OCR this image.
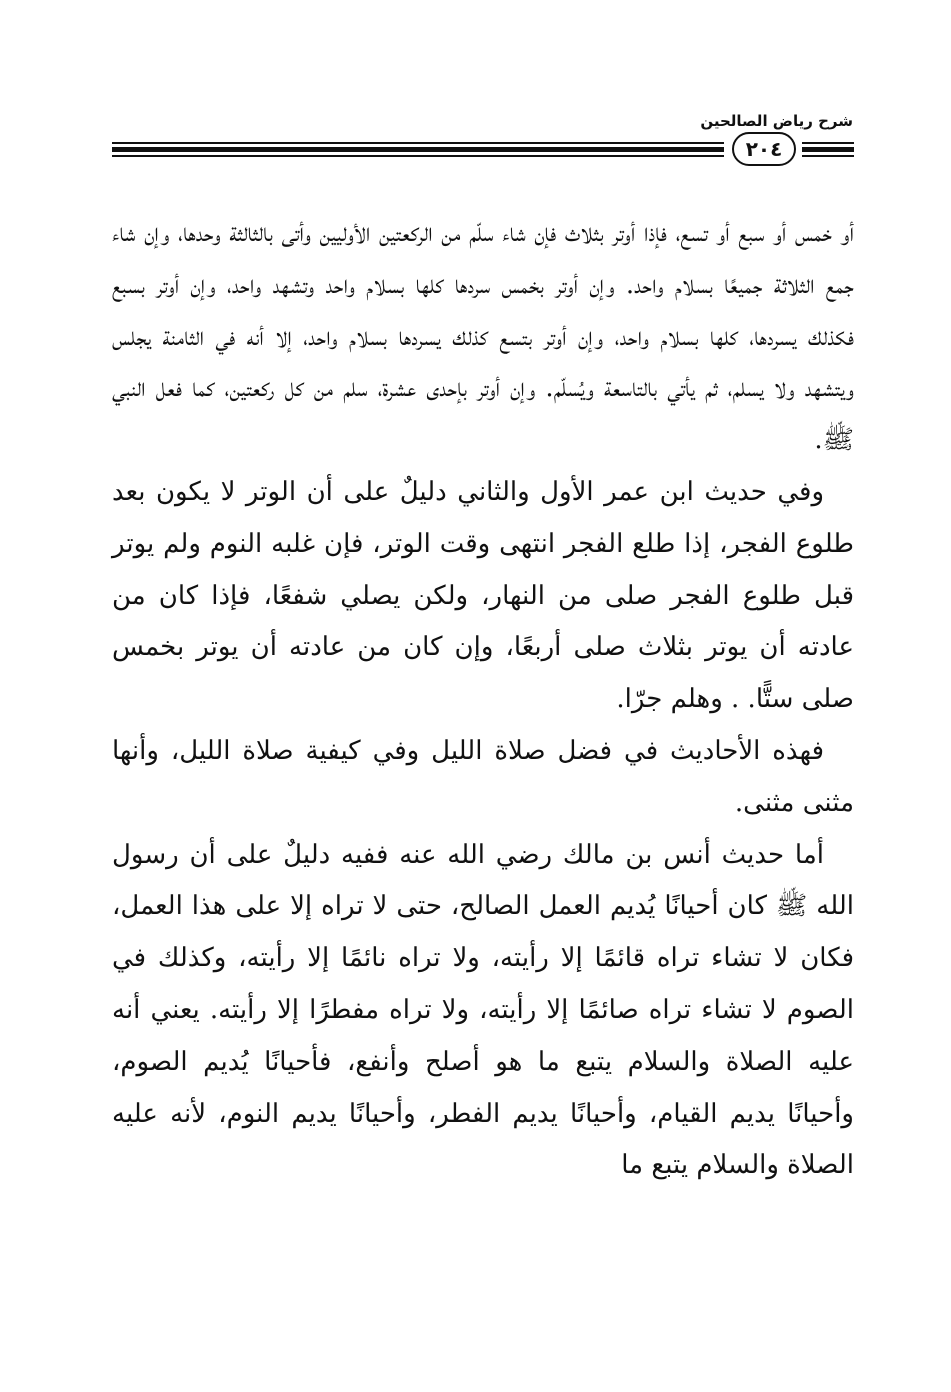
شرح رياض الصالحين
٢٠٤

أو خمس أو سبع أو تسع، فإذا أوتر بثلاث فإن شاء سلّم من الركعتين الأوليين وأتى بالثالثة وحدها، وإن شاء جمع الثلاثة جميعًا بسلام واحد. وإن أوتر بخمس سردها كلها بسلام واحد وتشهد واحد، وإن أوتر بسبع فكذلك يسردها، كلها بسلام واحد، وإن أوتر بتسع كذلك يسردها بسلام واحد، إلا أنه في الثامنة يجلس ويتشهد ولا يسلم، ثم يأتي بالتاسعة ويُسلّم. وإن أوتر بإحدى عشرة، سلم من كل ركعتين، كما فعل النبي ﷺ.

وفي حديث ابن عمر الأول والثاني دليلٌ على أن الوتر لا يكون بعد طلوع الفجر، إذا طلع الفجر انتهى وقت الوتر، فإن غلبه النوم ولم يوتر قبل طلوع الفجر صلى من النهار، ولكن يصلي شفعًا، فإذا كان من عادته أن يوتر بثلاث صلى أربعًا، وإن كان من عادته أن يوتر بخمس صلى ستًّا. . وهلم جرّا.

فهذه الأحاديث في فضل صلاة الليل وفي كيفية صلاة الليل، وأنها مثنى مثنى.

أما حديث أنس بن مالك رضي الله عنه ففيه دليلٌ على أن رسول الله ﷺ كان أحيانًا يُديم العمل الصالح، حتى لا تراه إلا على هذا العمل، فكان لا تشاء تراه قائمًا إلا رأيته، ولا تراه نائمًا إلا رأيته، وكذلك في الصوم لا تشاء تراه صائمًا إلا رأيته، ولا تراه مفطرًا إلا رأيته. يعني أنه عليه الصلاة والسلام يتبع ما هو أصلح وأنفع، فأحيانًا يُديم الصوم، وأحيانًا يديم القيام، وأحيانًا يديم الفطر، وأحيانًا يديم النوم، لأنه عليه الصلاة والسلام يتبع ما
